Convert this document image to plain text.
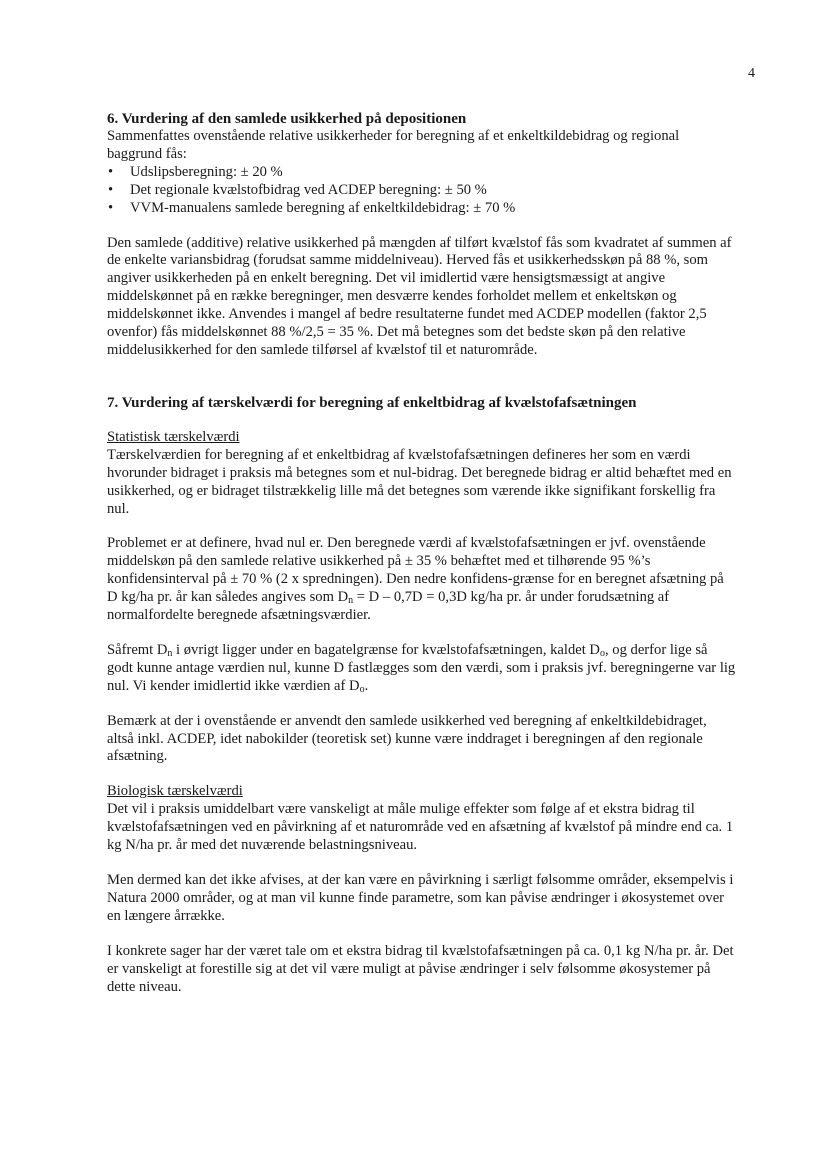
4
6. Vurdering af den samlede usikkerhed på depositionen

Sammenfattes ovenstående relative usikkerheder for beregning af et enkeltkildebidrag og regional baggrund fås:

• Udslipsberegning: ± 20 %
• Det regionale kvælstofbidrag ved ACDEP beregning: ± 50 %
• VVM-manualens samlede beregning af enkeltkildebidrag: ± 70 %

Den samlede (additive) relative usikkerhed på mængden af tilført kvælstof fås som kvadratet af summen af de enkelte variansbidrag (forudsat samme middelniveau). Herved fås et usikkerhedsskøn på 88 %, som angiver usikkerheden på en enkelt beregning. Det vil imidlertid være hensigtsmæssigt at angive middelskønnet på en række beregninger, men desværre kendes forholdet mellem et enkeltskøn og middelskønnet ikke. Anvendes i mangel af bedre resultaterne fundet med ACDEP modellen (faktor 2,5 ovenfor) fås middelskønnet 88 %/2,5 = 35 %. Det må betegnes som det bedste skøn på den relative middelusikkerhed for den samlede tilførsel af kvælstof til et naturområde.

7. Vurdering af tærskelværdi for beregning af enkeltbidrag af kvælstofafsætningen

Statistisk tærskelværdi

Tærskelværdien for beregning af et enkeltbidrag af kvælstofafsætningen defineres her som en værdi hvorunder bidraget i praksis må betegnes som et nul-bidrag. Det beregnede bidrag er altid behæftet med en usikkerhed, og er bidraget tilstrækkelig lille må det betegnes som værende ikke signifikant forskellig fra nul.

Problemet er at definere, hvad nul er. Den beregnede værdi af kvælstofafsætningen er jvf. ovenstående middelskøn på den samlede relative usikkerhed på ± 35 % behæftet med et tilhørende 95 %’s konfidensinterval på ± 70 % (2 x spredningen). Den nedre konfidens-grænse for en beregnet afsætning på D kg/ha pr. år kan således angives som $D_n = D - 0,7D = 0,3D$ kg/ha pr. år under forudsætning af normalfordelte beregnede afsætningsværdier.

Såfremt $D_n$ i øvrigt ligger under en bagatelgrænse for kvælstofafsætningen, kaldet $D_o$, og derfor lige så godt kunne antage værdien nul, kunne D fastlægges som den værdi, som i praksis jvf. beregningerne var lig nul. Vi kender imidlertid ikke værdien af $D_o$.

Bemærk at der i ovenstående er anvendt den samlede usikkerhed ved beregning af enkeltkildebidraget, altså inkl. ACDEP, idet nabokilder (teoretisk set) kunne være inddraget i beregningen af den regionale afsætning.

Biologisk tærskelværdi

Det vil i praksis umiddelbart være vanskeligt at måle mulige effekter som følge af et ekstra bidrag til kvælstofafsætningen ved en påvirkning af et naturområde ved en afsætning af kvælstof på mindre end ca. 1 kg N/ha pr. år med det nuværende belastningsniveau.

Men dermed kan det ikke afvises, at der kan være en påvirkning i særligt følsomme områder, eksempelvis i Natura 2000 områder, og at man vil kunne finde parametre, som kan påvise ændringer i økosystemet over en længere årrække.

I konkrete sager har der været tale om et ekstra bidrag til kvælstofafsætningen på ca. 0,1 kg N/ha pr. år. Det er vanskeligt at forestille sig at det vil være muligt at påvise ændringer i selv følsomme økosystemer på dette niveau.
